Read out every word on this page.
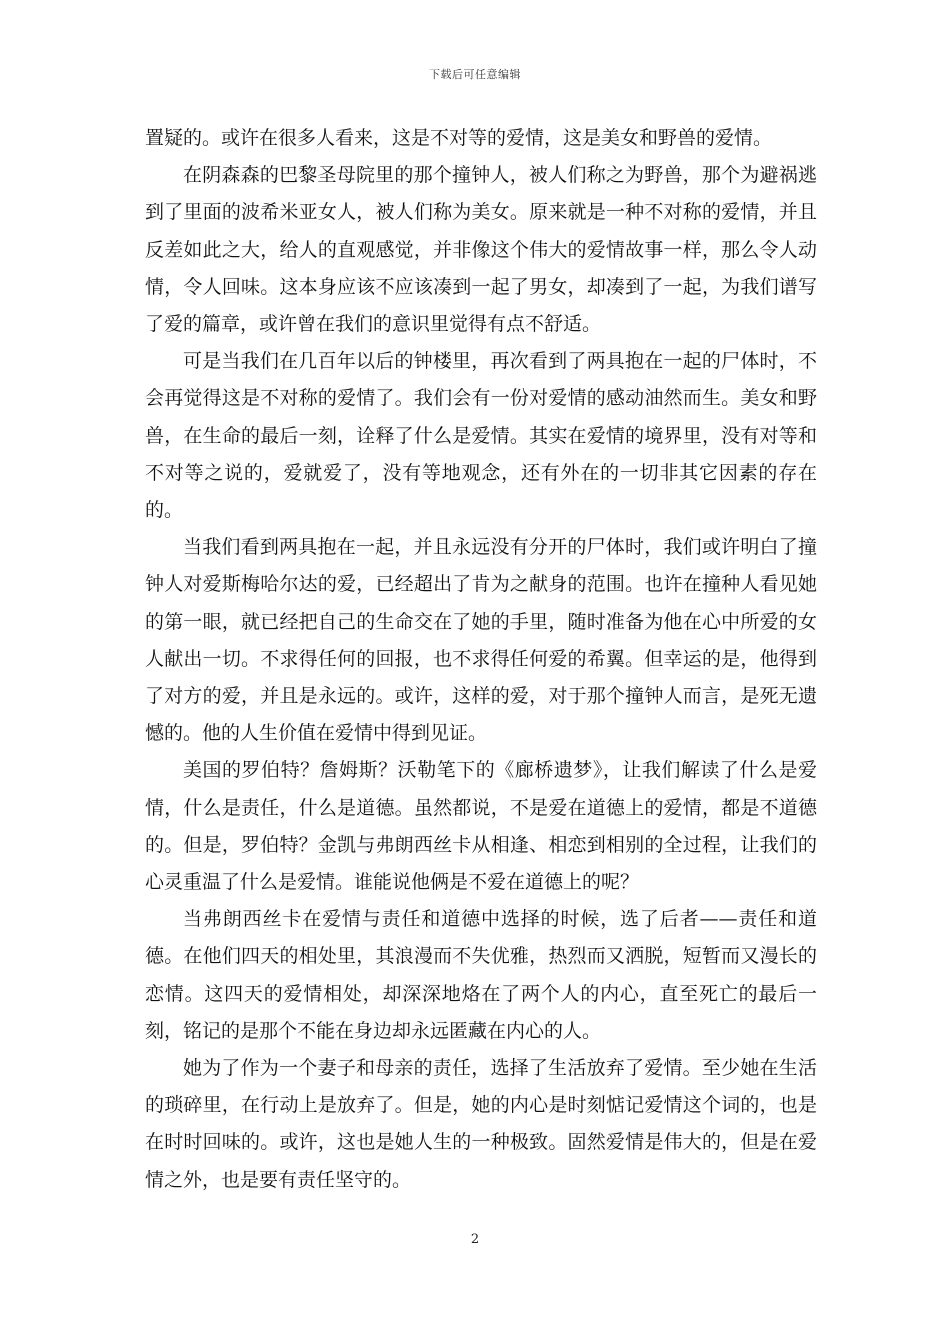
下载后可任意编辑

置疑的。或许在很多人看来，这是不对等的爱情，这是美女和野兽的爱情。

在阴森森的巴黎圣母院里的那个撞钟人，被人们称之为野兽，那个为避祸逃到了里面的波希米亚女人，被人们称为美女。原来就是一种不对称的爱情，并且反差如此之大，给人的直观感觉，并非像这个伟大的爱情故事一样，那么令人动情，令人回味。这本身应该不应该凑到一起了男女，却凑到了一起，为我们谱写了爱的篇章，或许曾在我们的意识里觉得有点不舒适。

可是当我们在几百年以后的钟楼里，再次看到了两具抱在一起的尸体时，不会再觉得这是不对称的爱情了。我们会有一份对爱情的感动油然而生。美女和野兽，在生命的最后一刻，诠释了什么是爱情。其实在爱情的境界里，没有对等和不对等之说的，爱就爱了，没有等地观念，还有外在的一切非其它因素的存在的。

当我们看到两具抱在一起，并且永远没有分开的尸体时，我们或许明白了撞钟人对爱斯梅哈尔达的爱，已经超出了肯为之献身的范围。也许在撞种人看见她的第一眼，就已经把自己的生命交在了她的手里，随时准备为他在心中所爱的女人献出一切。不求得任何的回报，也不求得任何爱的希翼。但幸运的是，他得到了对方的爱，并且是永远的。或许，这样的爱，对于那个撞钟人而言，是死无遗憾的。他的人生价值在爱情中得到见证。

美国的罗伯特？詹姆斯？沃勒笔下的《廊桥遗梦》，让我们解读了什么是爱情，什么是责任，什么是道德。虽然都说，不是爱在道德上的爱情，都是不道德的。但是，罗伯特？金凯与弗朗西丝卡从相逢、相恋到相别的全过程，让我们的心灵重温了什么是爱情。谁能说他俩是不爱在道德上的呢？

当弗朗西丝卡在爱情与责任和道德中选择的时候，选了后者——责任和道德。在他们四天的相处里，其浪漫而不失优雅，热烈而又洒脱，短暂而又漫长的恋情。这四天的爱情相处，却深深地烙在了两个人的内心，直至死亡的最后一刻，铭记的是那个不能在身边却永远匿藏在内心的人。

她为了作为一个妻子和母亲的责任，选择了生活放弃了爱情。至少她在生活的琐碎里，在行动上是放弃了。但是，她的内心是时刻惦记爱情这个词的，也是在时时回味的。或许，这也是她人生的一种极致。固然爱情是伟大的，但是在爱情之外，也是要有责任坚守的。

2
